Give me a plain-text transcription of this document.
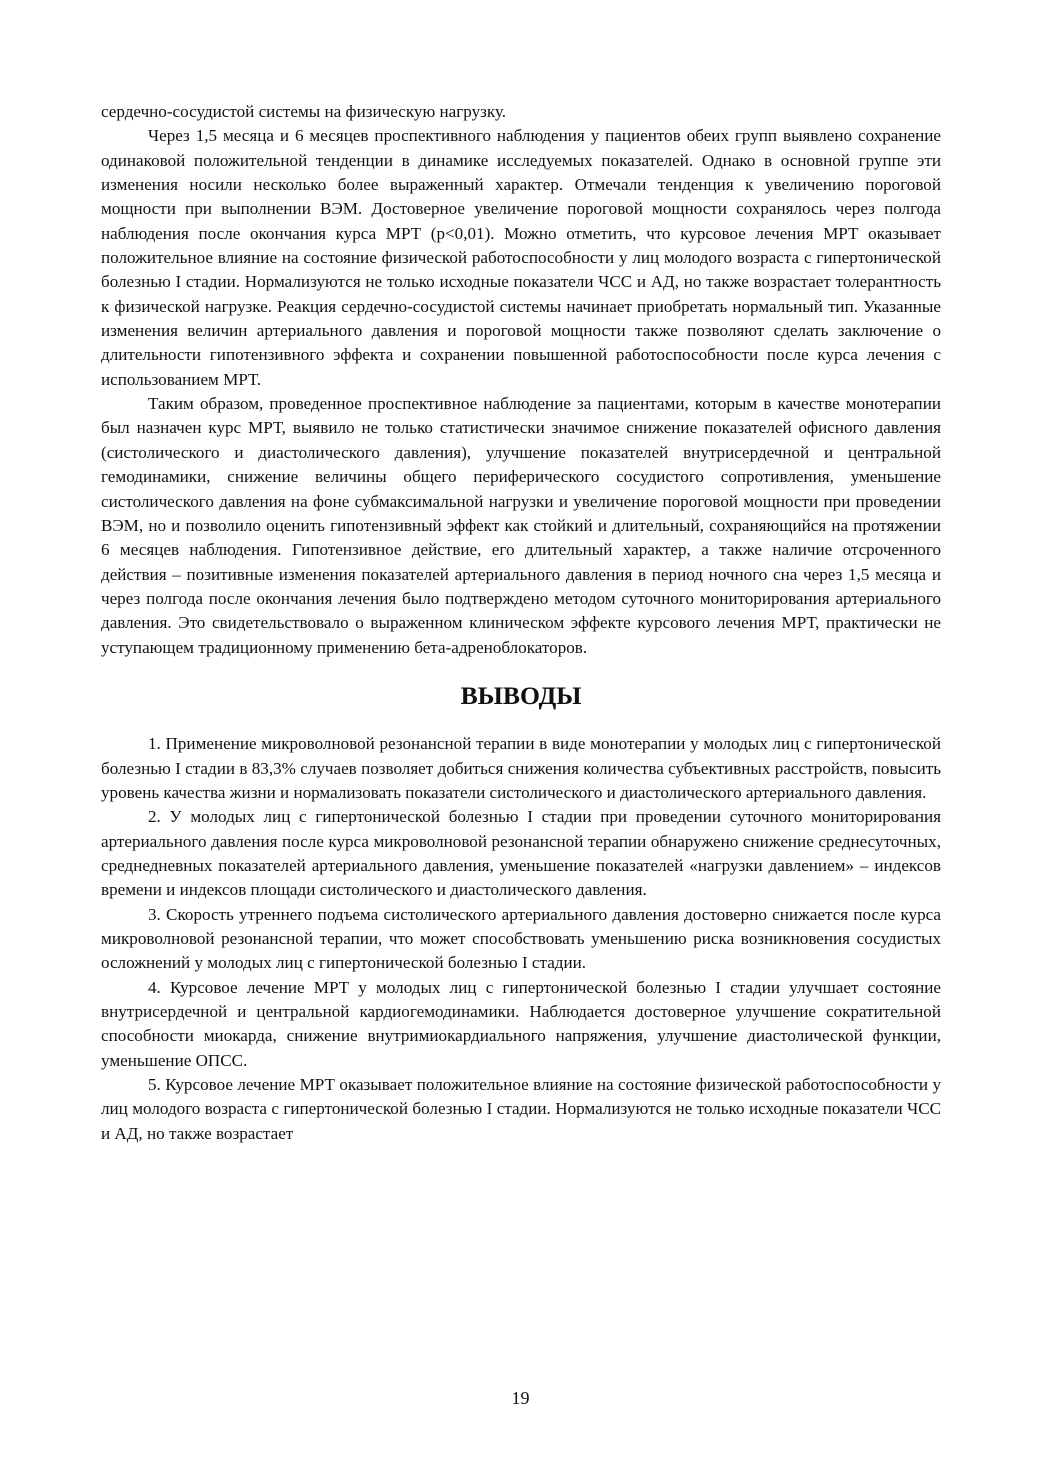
сердечно-сосудистой системы на физическую нагрузку.

Через 1,5 месяца и 6 месяцев проспективного наблюдения у пациентов обеих групп выявлено сохранение одинаковой положительной тенденции в динамике исследуемых показателей. Однако в основной группе эти изменения носили несколько более выраженный характер. Отмечали тенденция к увеличению пороговой мощности при выполнении ВЭМ. Достоверное увеличение пороговой мощности сохранялось через полгода наблюдения после окончания курса МРТ (p<0,01). Можно отметить, что курсовое лечения МРТ оказывает положительное влияние на состояние физической работоспособности у лиц молодого возраста с гипертонической болезнью I стадии. Нормализуются не только исходные показатели ЧСС и АД, но также возрастает толерантность к физической нагрузке. Реакция сердечно-сосудистой системы начинает приобретать нормальный тип. Указанные изменения величин артериального давления и пороговой мощности также позволяют сделать заключение о длительности гипотензивного эффекта и сохранении повышенной работоспособности после курса лечения с использованием МРТ.

Таким образом, проведенное проспективное наблюдение за пациентами, которым в качестве монотерапии был назначен курс МРТ, выявило не только статистически значимое снижение показателей офисного давления (систолического и диастолического давления), улучшение показателей внутрисердечной и центральной гемодинамики, снижение величины общего периферического сосудистого сопротивления, уменьшение систолического давления на фоне субмаксимальной нагрузки и увеличение пороговой мощности при проведении ВЭМ, но и позволило оценить гипотензивный эффект как стойкий и длительный, сохраняющийся на протяжении 6 месяцев наблюдения. Гипотензивное действие, его длительный характер, а также наличие отсроченного действия – позитивные изменения показателей артериального давления в период ночного сна через 1,5 месяца и через полгода после окончания лечения было подтверждено методом суточного мониторирования артериального давления. Это свидетельствовало о выраженном клиническом эффекте курсового лечения МРТ, практически не уступающем традиционному применению бета-адреноблокаторов.

ВЫВОДЫ

1. Применение микроволновой резонансной терапии в виде монотерапии у молодых лиц с гипертонической болезнью I стадии в 83,3% случаев позволяет добиться снижения количества субъективных расстройств, повысить уровень качества жизни и нормализовать показатели систолического и диастолического артериального давления.

2. У молодых лиц с гипертонической болезнью I стадии при проведении суточного мониторирования артериального давления после курса микроволновой резонансной терапии обнаружено снижение среднесуточных, среднедневных показателей артериального давления, уменьшение показателей «нагрузки давлением» – индексов времени и индексов площади систолического и диастолического давления.

3. Скорость утреннего подъема систолического артериального давления достоверно снижается после курса микроволновой резонансной терапии, что может способствовать уменьшению риска возникновения сосудистых осложнений у молодых лиц с гипертонической болезнью I стадии.

4. Курсовое лечение МРТ у молодых лиц с гипертонической болезнью I стадии улучшает состояние внутрисердечной и центральной кардиогемодинамики. Наблюдается достоверное улучшение сократительной способности миокарда, снижение внутримиокардиального напряжения, улучшение диастолической функции, уменьшение ОПСС.

5. Курсовое лечение МРТ оказывает положительное влияние на состояние физической работоспособности у лиц молодого возраста с гипертонической болезнью I стадии. Нормализуются не только исходные показатели ЧСС и АД, но также возрастает

19
